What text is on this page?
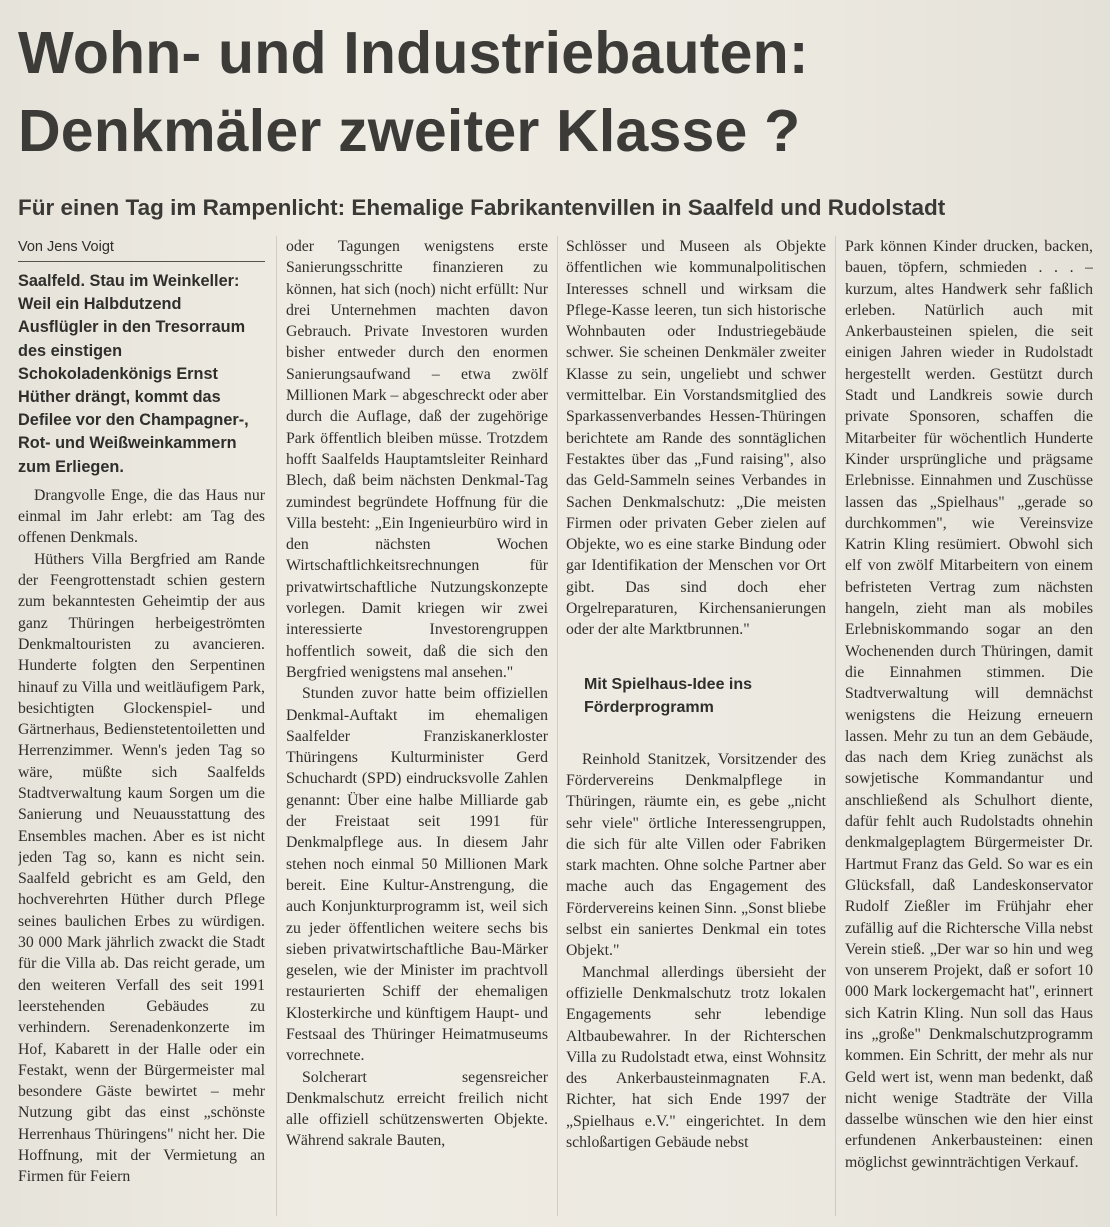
Wohn- und Industriebauten:
Denkmäler zweiter Klasse ?
Für einen Tag im Rampenlicht: Ehemalige Fabrikantenvillen in Saalfeld und Rudolstadt
Von Jens Voigt

Saalfeld. Stau im Weinkeller: Weil ein Halbdutzend Ausflügler in den Tresorraum des einstigen Schokoladenkönigs Ernst Hüther drängt, kommt das Defilee vor den Champagner-, Rot- und Weißweinkammern zum Erliegen.

Drangvolle Enge, die das Haus nur einmal im Jahr erlebt: am Tag des offenen Denkmals.

Hüthers Villa Bergfried am Rande der Feengrottenstadt schien gestern zum bekanntesten Geheimtip der aus ganz Thüringen herbeigeströmten Denkmaltouristen zu avancieren. Hunderte folgten den Serpentinen hinauf zu Villa und weitläufigem Park, besichtigten Glockenspiel- und Gärtnerhaus, Bedienstetentoiletten und Herrenzimmer. Wenn's jeden Tag so wäre, müßte sich Saalfelds Stadtverwaltung kaum Sorgen um die Sanierung und Neuausstattung des Ensembles machen. Aber es ist nicht jeden Tag so, kann es nicht sein. Saalfeld gebricht es am Geld, den hochverehrten Hüther durch Pflege seines baulichen Erbes zu würdigen. 30 000 Mark jährlich zwackt die Stadt für die Villa ab. Das reicht gerade, um den weiteren Verfall des seit 1991 leerstehenden Gebäudes zu verhindern. Serenadenkonzerte im Hof, Kabarett in der Halle oder ein Festakt, wenn der Bürgermeister mal besondere Gäste bewirtet – mehr Nutzung gibt das einst „schönste Herrenhaus Thüringens" nicht her. Die Hoffnung, mit der Vermietung an Firmen für Feiern

oder Tagungen wenigstens erste Sanierungsschritte finanzieren zu können, hat sich (noch) nicht erfüllt: Nur drei Unternehmen machten davon Gebrauch. Private Investoren wurden bisher entweder durch den enormen Sanierungsaufwand – etwa zwölf Millionen Mark – abgeschreckt oder aber durch die Auflage, daß der zugehörige Park öffentlich bleiben müsse. Trotzdem hofft Saalfelds Hauptamtsleiter Reinhard Blech, daß beim nächsten Denkmal-Tag zumindest begründete Hoffnung für die Villa besteht: „Ein Ingenieurbüro wird in den nächsten Wochen Wirtschaftlichkeitsrechnungen für privatwirtschaftliche Nutzungskonzepte vorlegen. Damit kriegen wir zwei interessierte Investorengruppen hoffentlich soweit, daß die sich den Bergfried wenigstens mal ansehen."

Stunden zuvor hatte beim offiziellen Denkmal-Auftakt im ehemaligen Saalfelder Franziskanerkloster Thüringens Kulturminister Gerd Schuchardt (SPD) eindrucksvolle Zahlen genannt: Über eine halbe Milliarde gab der Freistaat seit 1991 für Denkmalpflege aus. In diesem Jahr stehen noch einmal 50 Millionen Mark bereit. Eine Kultur-Anstrengung, die auch Konjunkturprogramm ist, weil sich zu jeder öffentlichen weitere sechs bis sieben privatwirtschaftliche Bau-Märker geselen, wie der Minister im prachtvoll restaurierten Schiff der ehemaligen Klosterkirche und künftigem Haupt- und Festsaal des Thüringer Heimatmuseums vorrechnete.

Solcherart segensreicher Denkmalschutz erreicht freilich nicht alle offiziell schützenswerten Objekte. Während sakrale Bauten,

Schlösser und Museen als Objekte öffentlichen wie kommunalpolitischen Interesses schnell und wirksam die Pflege-Kasse leeren, tun sich historische Wohnbauten oder Industriegebäude schwer. Sie scheinen Denkmäler zweiter Klasse zu sein, ungeliebt und schwer vermittelbar. Ein Vorstandsmitglied des Sparkassenverbandes Hessen-Thüringen berichtete am Rande des sonntäglichen Festaktes über das „Fund raising", also das Geld-Sammeln seines Verbandes in Sachen Denkmalschutz: „Die meisten Firmen oder privaten Geber zielen auf Objekte, wo es eine starke Bindung oder gar Identifikation der Menschen vor Ort gibt. Das sind doch eher Orgelreparaturen, Kirchensanierungen oder der alte Marktbrunnen."

Mit Spielhaus-Idee ins Förderprogramm

Reinhold Stanitzek, Vorsitzender des Fördervereins Denkmalpflege in Thüringen, räumte ein, es gebe „nicht sehr viele" örtliche Interessengruppen, die sich für alte Villen oder Fabriken stark machten. Ohne solche Partner aber mache auch das Engagement des Fördervereins keinen Sinn. „Sonst bliebe selbst ein saniertes Denkmal ein totes Objekt."

Manchmal allerdings übersieht der offizielle Denkmalschutz trotz lokalen Engagements sehr lebendige Altbaubewahrer. In der Richterschen Villa zu Rudolstadt etwa, einst Wohnsitz des Ankerbausteinmagnaten F.A. Richter, hat sich Ende 1997 der „Spielhaus e.V." eingerichtet. In dem schloßartigen Gebäude nebst

Park können Kinder drucken, backen, bauen, töpfern, schmieden . . . – kurzum, altes Handwerk sehr faßlich erleben. Natürlich auch mit Ankerbausteinen spielen, die seit einigen Jahren wieder in Rudolstadt hergestellt werden. Gestützt durch Stadt und Landkreis sowie durch private Sponsoren, schaffen die Mitarbeiter für wöchentlich Hunderte Kinder ursprüngliche und prägsame Erlebnisse. Einnahmen und Zuschüsse lassen das „Spielhaus" „gerade so durchkommen", wie Vereinsvize Katrin Kling resümiert. Obwohl sich elf von zwölf Mitarbeitern von einem befristeten Vertrag zum nächsten hangeln, zieht man als mobiles Erlebniskommando sogar an den Wochenenden durch Thüringen, damit die Einnahmen stimmen. Die Stadtverwaltung will demnächst wenigstens die Heizung erneuern lassen. Mehr zu tun an dem Gebäude, das nach dem Krieg zunächst als sowjetische Kommandantur und anschließend als Schulhort diente, dafür fehlt auch Rudolstadts ohnehin denkmalgeplagtem Bürgermeister Dr. Hartmut Franz das Geld. So war es ein Glücksfall, daß Landeskonservator Rudolf Zießler im Frühjahr eher zufällig auf die Richtersche Villa nebst Verein stieß. „Der war so hin und weg von unserem Projekt, daß er sofort 10 000 Mark lockergemacht hat", erinnert sich Katrin Kling. Nun soll das Haus ins „große" Denkmalschutzprogramm kommen. Ein Schritt, der mehr als nur Geld wert ist, wenn man bedenkt, daß nicht wenige Stadträte der Villa dasselbe wünschen wie den hier einst erfundenen Ankerbausteinen: einen möglichst gewinnträchtigen Verkauf.
